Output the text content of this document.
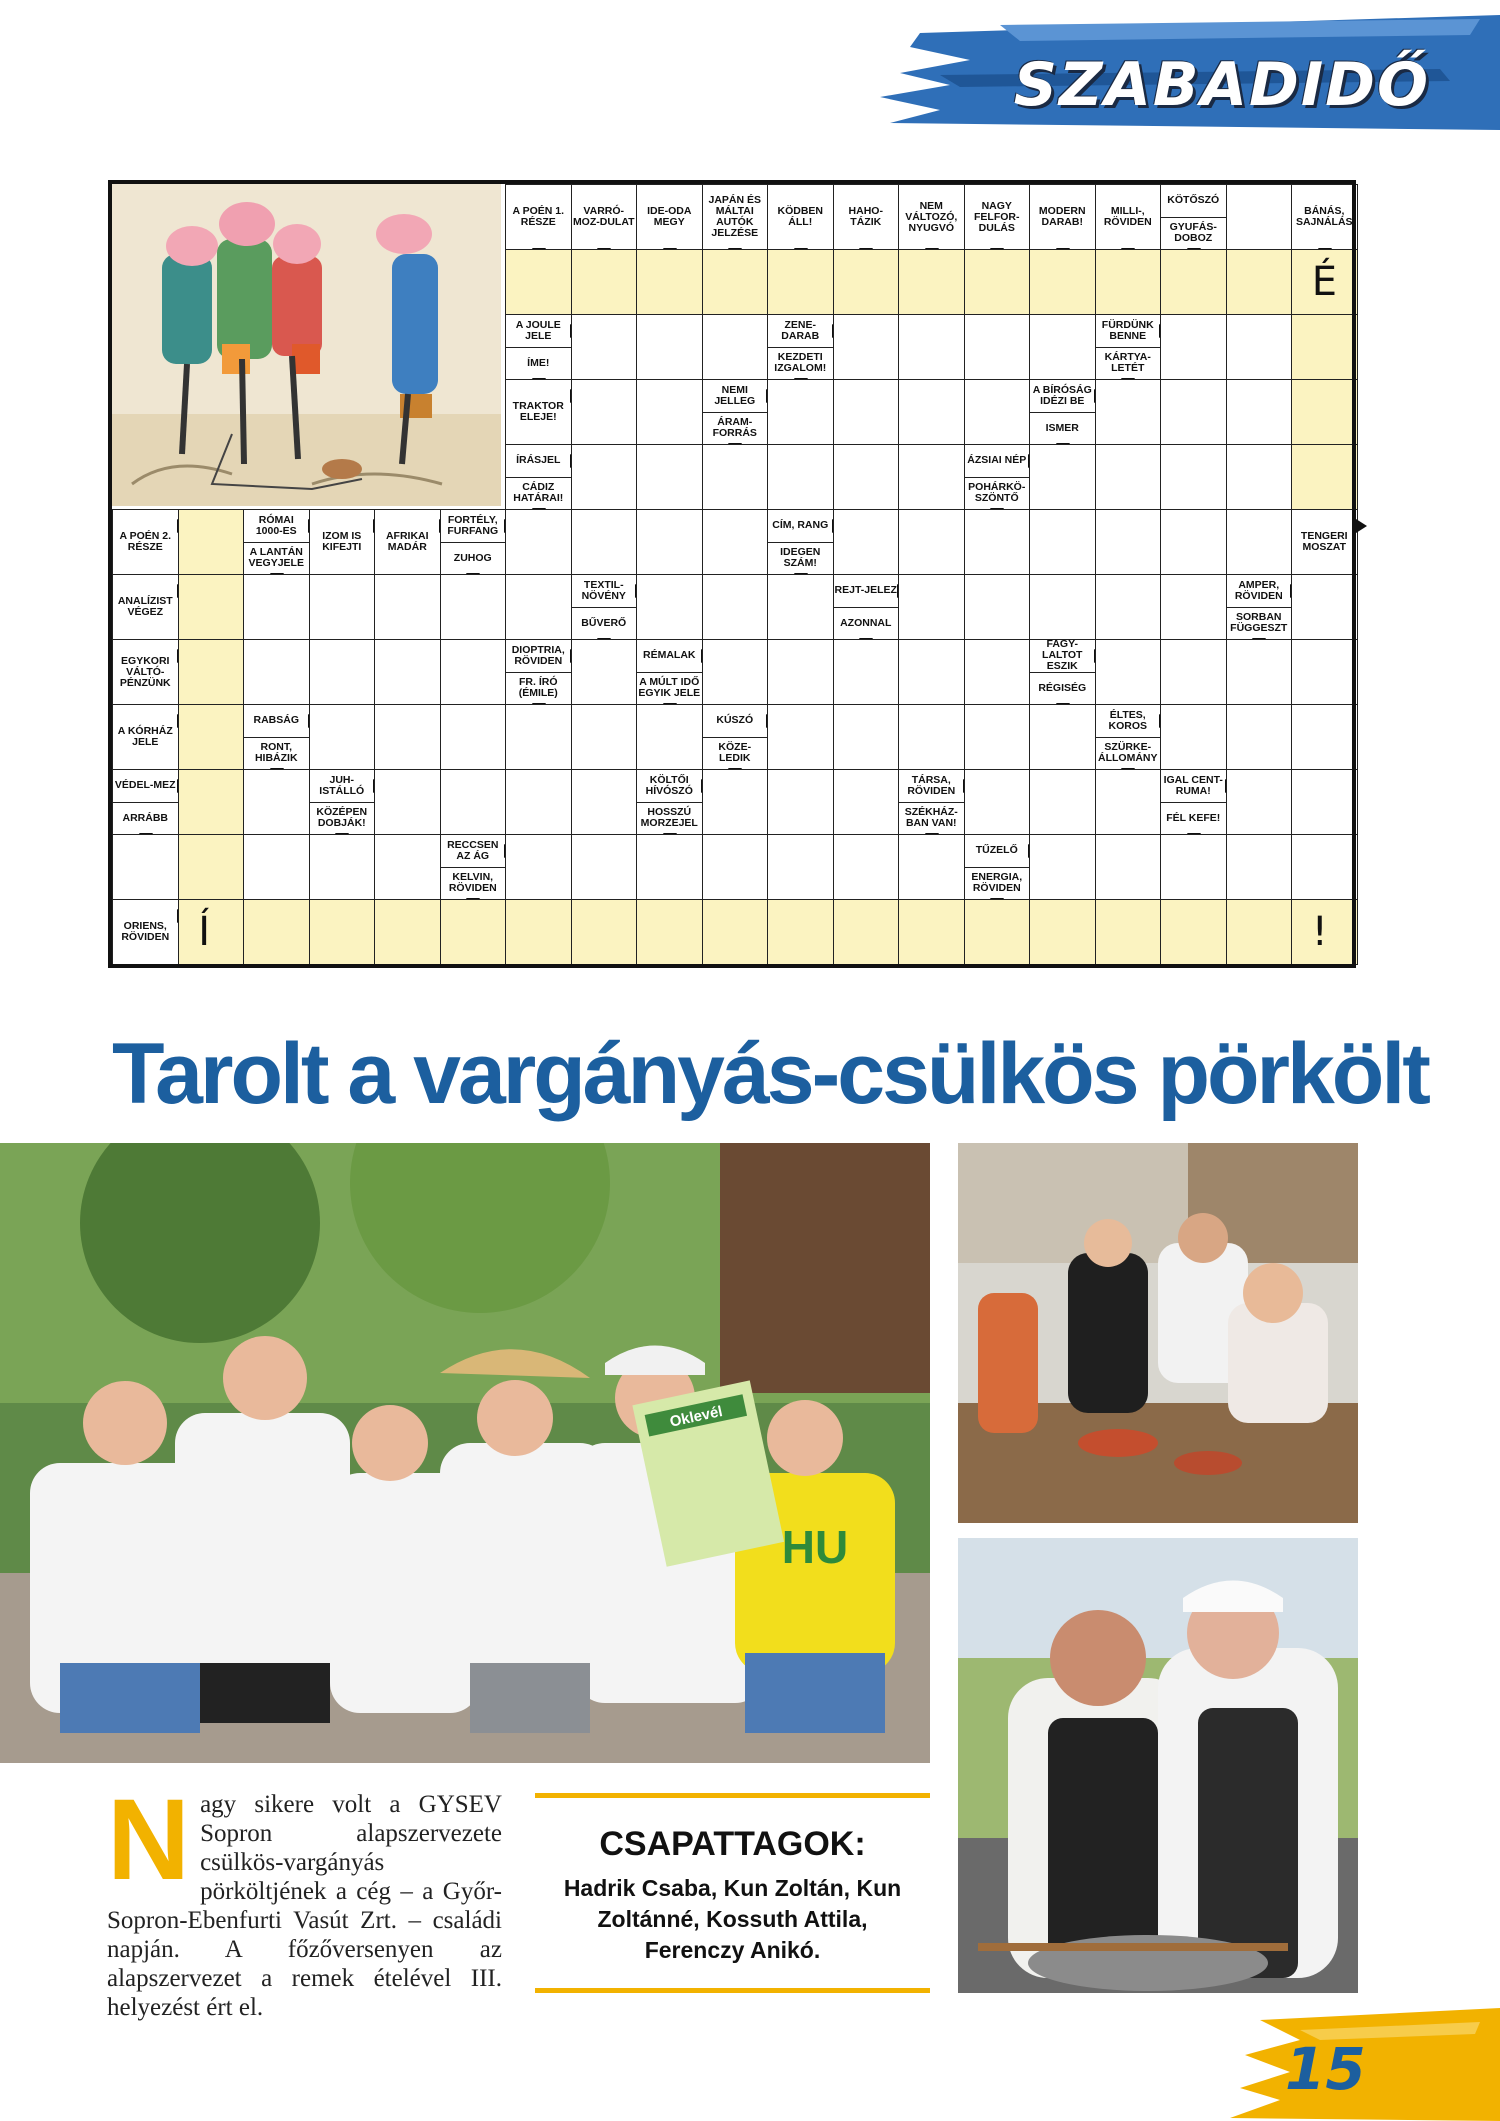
SZABADIDŐ
A POÉN 1. RÉSZE
VARRÓ-MOZ-DULAT
IDE-ODA MEGY
JAPÁN ÉS MÁLTAI AUTÓK JELZÉSE
KÖDBEN ÁLL!
HAHO-TÁZIK
NEM VÁLTOZÓ, NYUGVÓ
NAGY FELFOR-DULÁS
MODERN DARAB!
MILLI-, RÖVIDEN
KÖTŐSZÓ
GYUFÁS-DOBOZ
BÁNÁS, SAJNÁLÁS
A JOULE JELE
ÍME!
ZENE-DARAB
KEZDETI IZGALOM!
FÜRDÜNK BENNE
KÁRTYA-LETÉT
TRAKTOR ELEJE!
NEMI JELLEG
ÁRAM-FORRÁS
A BÍRÓSÁG IDÉZI BE
ISMER
ÍRÁSJEL
CÁDIZ HATÁRAI!
ÁZSIAI NÉP
POHÁRKÖ-SZÖNTŐ
A POÉN 2. RÉSZE
RÓMAI 1000-ES
A LANTÁN VEGYJELE
IZOM IS KIFEJTI
AFRIKAI MADÁR
FORTÉLY, FURFANG
ZUHOG
CÍM, RANG
IDEGEN SZÁM!
TENGERI MOSZAT
ANALÍZIST VÉGEZ
TEXTIL-NÖVÉNY
BŰVERŐ
REJT-JELEZ
AZONNAL
AMPER, RÖVIDEN
SORBAN FÜGGESZT
EGYKORI VÁLTÓ-PÉNZÜNK
DIOPTRIA, RÖVIDEN
FR. ÍRÓ (ÉMILE)
RÉMALAK
A MÚLT IDŐ EGYIK JELE
FAGY-LALTOT ESZIK
RÉGISÉG
A KÓRHÁZ JELE
RABSÁG
RONT, HIBÁZIK
KÚSZÓ
KÖZE-LEDIK
ÉLTES, KOROS
SZÜRKE-ÁLLOMÁNY
VÉDEL-MEZ
ARRÁBB
JUH-ISTÁLLÓ
KÖZÉPEN DOBJÁK!
KÖLTŐI HÍVÓSZÓ
HOSSZÚ MORZEJEL
TÁRSA, RÖVIDEN
SZÉKHÁZ-BAN VAN!
IGAL CENT-RUMA!
FÉL KEFE!
RECCSEN AZ ÁG
KELVIN, RÖVIDEN
TŰZELŐ
ENERGIA, RÖVIDEN
ORIENS, RÖVIDEN
É
Í	!
Tarolt a vargányás-csülkös pörkölt
Oklevél
HU
Nagy sikere volt a GYSEV Sopron alapszervezete csülkös-vargányás pörköltjének a cég – a Győr-Sopron-Ebenfurti Vasút Zrt. – családi napján. A főzőversenyen az alapszervezet a remek ételével III. helyezést ért el.
CSAPATTAGOK:
Hadrik Csaba, Kun Zoltán, Kun Zoltánné, Kossuth Attila, Ferenczy Anikó.
15
